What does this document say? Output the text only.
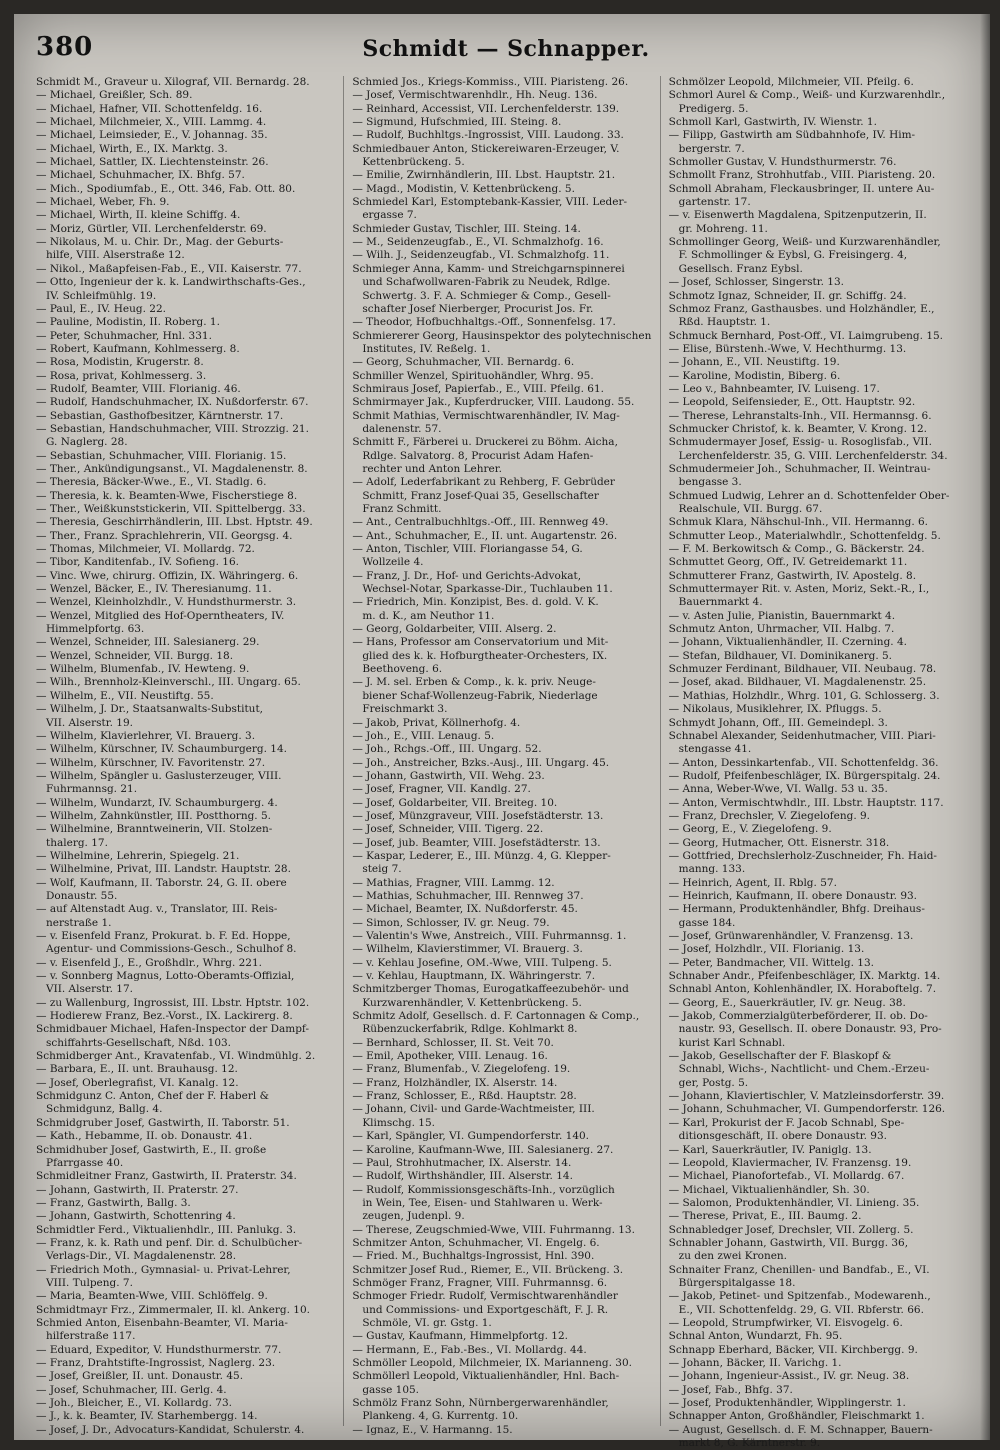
380	Schmidt — Schnapper.
Schmidt M., Graveur u. Xilograf, VII. Bernardg. 28.
— Michael, Greißler, Sch. 89.
— Michael, Hafner, VII. Schottenfeldg. 16.
— Michael, Milchmeier, X., VIII. Lammg. 4.
— Michael, Leimsieder, E., V. Johannag. 35.
— Michael, Wirth, E., IX. Marktg. 3.
— Michael, Sattler, IX. Liechtensteinstr. 26.
— Michael, Schuhmacher, IX. Bhfg. 57.
— Mich., Spodiumfab., E., Ott. 346, Fab. Ott. 80.
— Michael, Weber, Fh. 9.
— Michael, Wirth, II. kleine Schiffg. 4.
— Moriz, Gürtler, VII. Lerchenfelderstr. 69.
— Nikolaus, M. u. Chir. Dr., Mag. der Geburts-
hilfe, VIII. Alserstraße 12.
— Nikol., Maßapfeisen-Fab., E., VII. Kaiserstr. 77.
— Otto, Ingenieur der k. k. Landwirthschafts-Ges.,
IV. Schleifmühlg. 19.
— Paul, E., IV. Heug. 22.
— Pauline, Modistin, II. Roberg. 1.
— Peter, Schuhmacher, Hnl. 331.
— Robert, Kaufmann, Kohlmesserg. 8.
— Rosa, Modistin, Krugerstr. 8.
— Rosa, privat, Kohlmesserg. 3.
— Rudolf, Beamter, VIII. Florianig. 46.
— Rudolf, Handschuhmacher, IX. Nußdorferstr. 67.
— Sebastian, Gasthofbesitzer, Kärntnerstr. 17.
— Sebastian, Handschuhmacher, VIII. Strozzig. 21.
G. Naglerg. 28.
— Sebastian, Schuhmacher, VIII. Florianig. 15.
— Ther., Ankündigungsanst., VI. Magdalenenstr. 8.
— Theresia, Bäcker-Wwe., E., VI. Stadlg. 6.
— Theresia, k. k. Beamten-Wwe, Fischerstiege 8.
— Ther., Weißkunststickerin, VII. Spittelbergg. 33.
— Theresia, Geschirrhändlerin, III. Lbst. Hptstr. 49.
— Ther., Franz. Sprachlehrerin, VII. Georgsg. 4.
— Thomas, Milchmeier, VI. Mollardg. 72.
— Tibor, Kanditenfab., IV. Sofieng. 16.
— Vinc. Wwe, chirurg. Offizin, IX. Währingerg. 6.
— Wenzel, Bäcker, E., IV. Theresianumg. 11.
— Wenzel, Kleinholzhdlr., V. Hundsthurmerstr. 3.
— Wenzel, Mitglied des Hof-Operntheaters, IV.
Himmelpfortg. 63.
— Wenzel, Schneider, III. Salesianerg. 29.
— Wenzel, Schneider, VII. Burgg. 18.
— Wilhelm, Blumenfab., IV. Hewteng. 9.
— Wilh., Brennholz-Kleinverschl., III. Ungarg. 65.
— Wilhelm, E., VII. Neustiftg. 55.
— Wilhelm, J. Dr., Staatsanwalts-Substitut,
VII. Alserstr. 19.
— Wilhelm, Klavierlehrer, VI. Brauerg. 3.
— Wilhelm, Kürschner, IV. Schaumburgerg. 14.
— Wilhelm, Kürschner, IV. Favoritenstr. 27.
— Wilhelm, Spängler u. Gaslusterzeuger, VIII.
Fuhrmannsg. 21.
— Wilhelm, Wundarzt, IV. Schaumburgerg. 4.
— Wilhelm, Zahnkünstler, III. Postthorng. 5.
— Wilhelmine, Branntweinerin, VII. Stolzen-
thalerg. 17.
— Wilhelmine, Lehrerin, Spiegelg. 21.
— Wilhelmine, Privat, III. Landstr. Hauptstr. 28.
— Wolf, Kaufmann, II. Taborstr. 24, G. II. obere
Donaustr. 55.
— auf Altenstadt Aug. v., Translator, III. Reis-
nerstraße 1.
— v. Eisenfeld Franz, Prokurat. b. F. Ed. Hoppe,
Agentur- und Commissions-Gesch., Schulhof 8.
— v. Eisenfeld J., E., Großhdlr., Whrg. 221.
— v. Sonnberg Magnus, Lotto-Oberamts-Offizial,
VII. Alserstr. 17.
— zu Wallenburg, Ingrossist, III. Lbstr. Hptstr. 102.
— Hodierew Franz, Bez.-Vorst., IX. Lackirerg. 8.
Schmidbauer Michael, Hafen-Inspector der Dampf-
schiffahrts-Gesellschaft, Nßd. 103.
Schmidberger Ant., Kravatenfab., VI. Windmühlg. 2.
— Barbara, E., II. unt. Brauhausg. 12.
— Josef, Oberlegrafist, VI. Kanalg. 12.
Schmidgunz C. Anton, Chef der F. Haberl &
Schmidgunz, Ballg. 4.
Schmidgruber Josef, Gastwirth, II. Taborstr. 51.
— Kath., Hebamme, II. ob. Donaustr. 41.
Schmidhuber Josef, Gastwirth, E., II. große
Pfarrgasse 40.
Schmidleitner Franz, Gastwirth, II. Praterstr. 34.
— Johann, Gastwirth, II. Praterstr. 27.
— Franz, Gastwirth, Ballg. 3.
— Johann, Gastwirth, Schottenring 4.
Schmidtler Ferd., Viktualienhdlr., III. Panlukg. 3.
— Franz, k. k. Rath und penf. Dir. d. Schulbücher-
Verlags-Dir., VI. Magdalenenstr. 28.
— Friedrich Moth., Gymnasial- u. Privat-Lehrer,
VIII. Tulpeng. 7.
— Maria, Beamten-Wwe, VIII. Schlöffelg. 9.
Schmidtmayr Frz., Zimmermaler, II. kl. Ankerg. 10.
Schmied Anton, Eisenbahn-Beamter, VI. Maria-
hilferstraße 117.
— Eduard, Expeditor, V. Hundsthurmerstr. 77.
— Franz, Drahtstifte-Ingrossist, Naglerg. 23.
— Josef, Greißler, II. unt. Donaustr. 45.
— Josef, Schuhmacher, III. Gerlg. 4.
— Joh., Bleicher, E., VI. Kollardg. 73.
— J., k. k. Beamter, IV. Starhembergg. 14.
— Josef, J. Dr., Advocaturs-Kandidat, Schulerstr. 4.
Schmied Jos., Kriegs-Kommiss., VIII. Piaristeng. 26.
— Josef, Vermischtwarenhdlr., Hh. Neug. 136.
— Reinhard, Accessist, VII. Lerchenfelderstr. 139.
— Sigmund, Hufschmied, III. Steing. 8.
— Rudolf, Buchhltgs.-Ingrossist, VIII. Laudong. 33.
Schmiedbauer Anton, Stickereiwaren-Erzeuger, V.
Kettenbrückeng. 5.
— Emilie, Zwirnhändlerin, III. Lbst. Hauptstr. 21.
— Magd., Modistin, V. Kettenbrückeng. 5.
Schmiedel Karl, Estomptebank-Kassier, VIII. Leder-
ergasse 7.
Schmieder Gustav, Tischler, III. Steing. 14.
— M., Seidenzeugfab., E., VI. Schmalzhofg. 16.
— Wilh. J., Seidenzeugfab., VI. Schmalzhofg. 11.
Schmieger Anna, Kamm- und Streichgarnspinnerei
und Schafwollwaren-Fabrik zu Neudek, Rdlge.
Schwertg. 3. F. A. Schmieger & Comp., Gesell-
schafter Josef Nierberger, Procurist Jos. Fr.
— Theodor, Hofbuchhaltgs.-Off., Sonnenfelsg. 17.
Schmiererer Georg, Hausinspektor des polytechnischen
Institutes, IV. Reßelg. 1.
— Georg, Schuhmacher, VII. Bernardg. 6.
Schmiller Wenzel, Spirituohändler, Whrg. 95.
Schmiraus Josef, Papierfab., E., VIII. Pfeilg. 61.
Schmirmayer Jak., Kupferdrucker, VIII. Laudong. 55.
Schmit Mathias, Vermischtwarenhändler, IV. Mag-
dalenenstr. 57.
Schmitt F., Färberei u. Druckerei zu Böhm. Aicha,
Rdlge. Salvatorg. 8, Procurist Adam Hafen-
rechter und Anton Lehrer.
— Adolf, Lederfabrikant zu Rehberg, F. Gebrüder
Schmitt, Franz Josef-Quai 35, Gesellschafter
Franz Schmitt.
— Ant., Centralbuchhltgs.-Off., III. Rennweg 49.
— Ant., Schuhmacher, E., II. unt. Augartenstr. 26.
— Anton, Tischler, VIII. Floriangasse 54, G.
Wollzeile 4.
— Franz, J. Dr., Hof- und Gerichts-Advokat,
Wechsel-Notar, Sparkasse-Dir., Tuchlauben 11.
— Friedrich, Min. Konzipist, Bes. d. gold. V. K.
m. d. K., am Neuthor 11.
— Georg, Goldarbeiter, VIII. Alserg. 2.
— Hans, Professor am Conservatorium und Mit-
glied des k. k. Hofburgtheater-Orchesters, IX.
Beethoveng. 6.
— J. M. sel. Erben & Comp., k. k. priv. Neuge-
biener Schaf-Wollenzeug-Fabrik, Niederlage
Freischmarkt 3.
— Jakob, Privat, Köllnerhofg. 4.
— Joh., E., VIII. Lenaug. 5.
— Joh., Rchgs.-Off., III. Ungarg. 52.
— Joh., Anstreicher, Bzks.-Ausj., III. Ungarg. 45.
— Johann, Gastwirth, VII. Wehg. 23.
— Josef, Fragner, VII. Kandlg. 27.
— Josef, Goldarbeiter, VII. Breiteg. 10.
— Josef, Münzgraveur, VIII. Josefstädterstr. 13.
— Josef, Schneider, VIII. Tigerg. 22.
— Josef, jub. Beamter, VIII. Josefstädterstr. 13.
— Kaspar, Lederer, E., III. Münzg. 4, G. Klepper-
steig 7.
— Mathias, Fragner, VIII. Lammg. 12.
— Mathias, Schuhmacher, III. Rennweg 37.
— Michael, Beamter, IX. Nußdorferstr. 45.
— Simon, Schlosser, IV. gr. Neug. 79.
— Valentin's Wwe, Anstreich., VIII. Fuhrmannsg. 1.
— Wilhelm, Klavierstimmer, VI. Brauerg. 3.
— v. Kehlau Josefine, OM.-Wwe, VIII. Tulpeng. 5.
— v. Kehlau, Hauptmann, IX. Währingerstr. 7.
Schmitzberger Thomas, Eurogatkaffeezubehör- und
Kurzwarenhändler, V. Kettenbrückeng. 5.
Schmitz Adolf, Gesellsch. d. F. Cartonnagen & Comp.,
Rübenzuckerfabrik, Rdlge. Kohlmarkt 8.
— Bernhard, Schlosser, II. St. Veit 70.
— Emil, Apotheker, VIII. Lenaug. 16.
— Franz, Blumenfab., V. Ziegelofeng. 19.
— Franz, Holzhändler, IX. Alserstr. 14.
— Franz, Schlosser, E., Rßd. Hauptstr. 28.
— Johann, Civil- und Garde-Wachtmeister, III.
Klimschg. 15.
— Karl, Spängler, VI. Gumpendorferstr. 140.
— Karoline, Kaufmann-Wwe, III. Salesianerg. 27.
— Paul, Strohhutmacher, IX. Alserstr. 14.
— Rudolf, Wirthshändler, III. Alserstr. 14.
— Rudolf, Kommissionsgeschäfts-Inh., vorzüglich
in Wein, Tee, Eisen- und Stahlwaren u. Werk-
zeugen, Judenpl. 9.
— Therese, Zeugschmied-Wwe, VIII. Fuhrmanng. 13.
Schmitzer Anton, Schuhmacher, VI. Engelg. 6.
— Fried. M., Buchhaltgs-Ingrossist, Hnl. 390.
Schmitzer Josef Rud., Riemer, E., VII. Brückeng. 3.
Schmöger Franz, Fragner, VIII. Fuhrmannsg. 6.
Schmoger Friedr. Rudolf, Vermischtwarenhändler
und Commissions- und Exportgeschäft, F. J. R.
Schmöle, VI. gr. Gstg. 1.
— Gustav, Kaufmann, Himmelpfortg. 12.
— Hermann, E., Fab.-Bes., VI. Mollardg. 44.
Schmöller Leopold, Milchmeier, IX. Marianneng. 30.
Schmöllerl Leopold, Viktualienhändler, Hnl. Bach-
gasse 105.
Schmölz Franz Sohn, Nürnbergerwarenhändler,
Plankeng. 4, G. Kurrentg. 10.
— Ignaz, E., V. Harmanng. 15.
Schmölzer Leopold, Milchmeier, VII. Pfeilg. 6.
Schmorl Aurel & Comp., Weiß- und Kurzwarenhdlr.,
Predigerg. 5.
Schmoll Karl, Gastwirth, IV. Wienstr. 1.
— Filipp, Gastwirth am Südbahnhofe, IV. Him-
bergerstr. 7.
Schmoller Gustav, V. Hundsthurmerstr. 76.
Schmollt Franz, Strohhutfab., VIII. Piaristeng. 20.
Schmoll Abraham, Fleckausbringer, II. untere Au-
gartenstr. 17.
— v. Eisenwerth Magdalena, Spitzenputzerin, II.
gr. Mohreng. 11.
Schmollinger Georg, Weiß- und Kurzwarenhändler,
F. Schmollinger & Eybsl, G. Freisingerg. 4,
Gesellsch. Franz Eybsl.
— Josef, Schlosser, Singerstr. 13.
Schmotz Ignaz, Schneider, II. gr. Schiffg. 24.
Schmoz Franz, Gasthausbes. und Holzhändler, E.,
Rßd. Hauptstr. 1.
Schmuck Bernhard, Post-Off., VI. Laimgrubeng. 15.
— Elise, Bürstenh.-Wwe, V. Hechthurmg. 13.
— Johann, E., VII. Neustiftg. 19.
— Karoline, Modistin, Biberg. 6.
— Leo v., Bahnbeamter, IV. Luiseng. 17.
— Leopold, Seifensieder, E., Ott. Hauptstr. 92.
— Therese, Lehranstalts-Inh., VII. Hermannsg. 6.
Schmucker Christof, k. k. Beamter, V. Krong. 12.
Schmudermayer Josef, Essig- u. Rosoglisfab., VII.
Lerchenfelderstr. 35, G. VIII. Lerchenfelderstr. 34.
Schmudermeier Joh., Schuhmacher, II. Weintrau-
bengasse 3.
Schmued Ludwig, Lehrer an d. Schottenfelder Ober-
Realschule, VII. Burgg. 67.
Schmuk Klara, Nähschul-Inh., VII. Hermanng. 6.
Schmutter Leop., Materialwhdlr., Schottenfeldg. 5.
— F. M. Berkowitsch & Comp., G. Bäckerstr. 24.
Schmuttet Georg, Off., IV. Getreidemarkt 11.
Schmutterer Franz, Gastwirth, IV. Apostelg. 8.
Schmuttermayer Rit. v. Asten, Moriz, Sekt.-R., I.,
Bauernmarkt 4.
— v. Asten Julie, Pianistin, Bauernmarkt 4.
Schmutz Anton, Uhrmacher, VII. Halbg. 7.
— Johann, Viktualienhändler, II. Czerning. 4.
— Stefan, Bildhauer, VI. Dominikanerg. 5.
Schmuzer Ferdinant, Bildhauer, VII. Neubaug. 78.
— Josef, akad. Bildhauer, VI. Magdalenenstr. 25.
— Mathias, Holzhdlr., Whrg. 101, G. Schlosserg. 3.
— Nikolaus, Musiklehrer, IX. Pfluggs. 5.
Schmydt Johann, Off., III. Gemeindepl. 3.
Schnabel Alexander, Seidenhutmacher, VIII. Piari-
stengasse 41.
— Anton, Dessinkartenfab., VII. Schottenfeldg. 36.
— Rudolf, Pfeifenbeschläger, IX. Bürgerspitalg. 24.
— Anna, Weber-Wwe, VI. Wallg. 53 u. 35.
— Anton, Vermischtwhdlr., III. Lbstr. Hauptstr. 117.
— Franz, Drechsler, V. Ziegelofeng. 9.
— Georg, E., V. Ziegelofeng. 9.
— Georg, Hutmacher, Ott. Eisnerstr. 318.
— Gottfried, Drechslerholz-Zuschneider, Fh. Haid-
manng. 133.
— Heinrich, Agent, II. Rblg. 57.
— Heinrich, Kaufmann, II. obere Donaustr. 93.
— Hermann, Produktenhändler, Bhfg. Dreihaus-
gasse 184.
— Josef, Grünwarenhändler, V. Franzensg. 13.
— Josef, Holzhdlr., VII. Florianig. 13.
— Peter, Bandmacher, VII. Wittelg. 13.
Schnaber Andr., Pfeifenbeschläger, IX. Marktg. 14.
Schnabl Anton, Kohlenhändler, IX. Horaboftelg. 7.
— Georg, E., Sauerkräutler, IV. gr. Neug. 38.
— Jakob, Commerzialgüterbeförderer, II. ob. Do-
naustr. 93, Gesellsch. II. obere Donaustr. 93, Pro-
kurist Karl Schnabl.
— Jakob, Gesellschafter der F. Blaskopf &
Schnabl, Wichs-, Nachtlicht- und Chem.-Erzeu-
ger, Postg. 5.
— Johann, Klaviertischler, V. Matzleinsdorferstr. 39.
— Johann, Schuhmacher, VI. Gumpendorferstr. 126.
— Karl, Prokurist der F. Jacob Schnabl, Spe-
ditionsgeschäft, II. obere Donaustr. 93.
— Karl, Sauerkräutler, IV. Paniglg. 13.
— Leopold, Klaviermacher, IV. Franzensg. 19.
— Michael, Pianofortefab., VI. Mollardg. 67.
— Michael, Viktualienhändler, Sh. 30.
— Salomon, Produktenhändler, VI. Linieng. 35.
— Therese, Privat, E., III. Baumg. 2.
Schnabledger Josef, Drechsler, VII. Zollerg. 5.
Schnabler Johann, Gastwirth, VII. Burgg. 36,
zu den zwei Kronen.
Schnaiter Franz, Chenillen- und Bandfab., E., VI.
Bürgerspitalgasse 18.
— Jakob, Petinet- und Spitzenfab., Modewarenh.,
E., VII. Schottenfeldg. 29, G. VII. Rbferstr. 66.
— Leopold, Strumpfwirker, VI. Eisvogelg. 6.
Schnal Anton, Wundarzt, Fh. 95.
Schnapp Eberhard, Bäcker, VII. Kirchbergg. 9.
— Johann, Bäcker, II. Varichg. 1.
— Johann, Ingenieur-Assist., IV. gr. Neug. 38.
— Josef, Fab., Bhfg. 37.
— Josef, Produktenhändler, Wipplingerstr. 1.
Schnapper Anton, Großhändler, Fleischmarkt 1.
— August, Gesellsch. d. F. M. Schnapper, Bauern-
markt 8, G. Kärntnerstr. 9.
